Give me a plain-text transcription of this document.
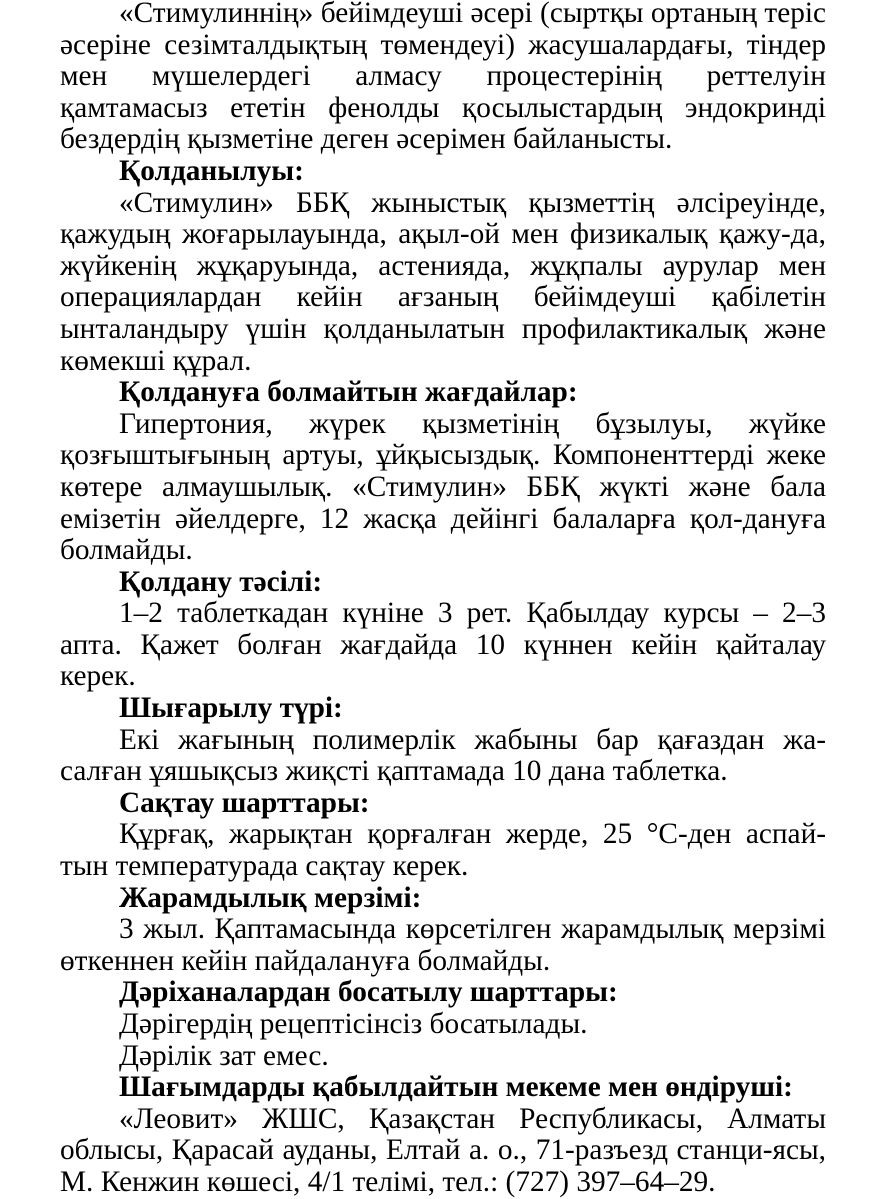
«Стимулиннің» бейімдеуші әсері (сыртқы ортаның теріс әсеріне сезімталдықтың төмендеуі) жасушалардағы, тіндер мен мүшелердегі алмасу процестерінің реттелуін қамтамасыз ететін фенолды қосылыстардың эндокринді бездердің қызметіне деген әсерімен байланысты.

Қолданылуы:

«Стимулин» ББҚ жыныстық қызметтің әлсіреуінде, қажудың жоғарылауында, ақыл-ой мен физикалық қажу-да, жүйкенің жұқаруында, астенияда, жұқпалы аурулар мен операциялардан кейін ағзаның бейімдеуші қабілетін ынталандыру үшін қолданылатын профилактикалық және көмекші құрал.

Қолдануға болмайтын жағдайлар:

Гипертония, жүрек қызметінің бұзылуы, жүйке қозғыштығының артуы, ұйқысыздық. Компоненттерді жеке көтере алмаушылық. «Стимулин» ББҚ жүкті және бала емізетін әйелдерге, 12 жасқа дейінгі балаларға қол-дануға болмайды.

Қолдану тәсілі:

1–2 таблеткадан күніне 3 рет. Қабылдау курсы – 2–3 апта. Қажет болған жағдайда 10 күннен кейін қайталау керек.

Шығарылу түрі:

Екі жағының полимерлік жабыны бар қағаздан жа-салған ұяшықсыз жиқсті қаптамада 10 дана таблетка.

Сақтау шарттары:

Құрғақ, жарықтан қорғалған жерде, 25 °С-ден аспай-тын температурада сақтау керек.

Жарамдылық мерзімі:

3 жыл. Қаптамасында көрсетілген жарамдылық мерзімі өткеннен кейін пайдалануға болмайды.

Дәріханалардан босатылу шарттары:

Дәрігердің рецептісінсіз босатылады.

Дәрілік зат емес.

Шағымдарды қабылдайтын мекеме мен өндіруші:

«Леовит» ЖШС, Қазақстан Республикасы, Алматы облысы, Қарасай ауданы, Елтай а. о., 71-разъезд станци-ясы, М. Кенжин көшесі, 4/1 телімі, тел.: (727) 397–64–29.
